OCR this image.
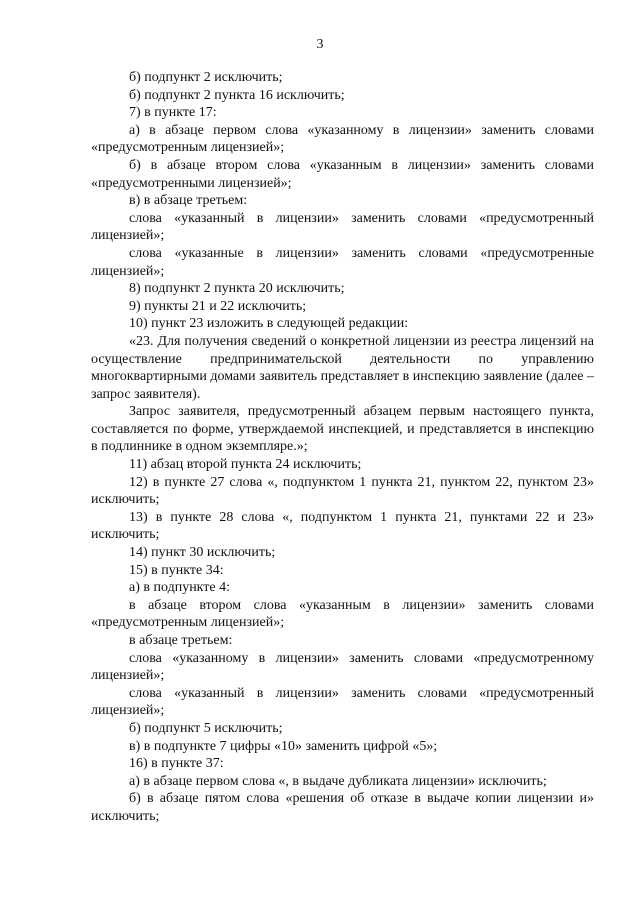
3

б) подпункт 2 исключить;

б) подпункт 2 пункта 16 исключить;

7) в пункте 17:

а) в абзаце первом слова «указанному в лицензии» заменить словами «предусмотренным лицензией»;

б) в абзаце втором слова «указанным в лицензии» заменить словами «предусмотренными лицензией»;

в) в абзаце третьем:

слова «указанный в лицензии» заменить словами «предусмотренный лицензией»;

слова «указанные в лицензии» заменить словами «предусмотренные лицензией»;

8) подпункт 2 пункта 20 исключить;

9) пункты 21 и 22 исключить;

10) пункт 23 изложить в следующей редакции:

«23. Для получения сведений о конкретной лицензии из реестра лицензий на осуществление предпринимательской деятельности по управлению многоквартирными домами заявитель представляет в инспекцию заявление (далее – запрос заявителя).

Запрос заявителя, предусмотренный абзацем первым настоящего пункта, составляется по форме, утверждаемой инспекцией, и представляется в инспекцию в подлиннике в одном экземпляре.»;

11) абзац второй пункта 24 исключить;

12) в пункте 27 слова «, подпунктом 1 пункта 21, пунктом 22, пунктом 23» исключить;

13) в пункте 28 слова «, подпунктом 1 пункта 21, пунктами 22 и 23» исключить;

14) пункт 30 исключить;

15) в пункте 34:

а) в подпункте 4:

в абзаце втором слова «указанным в лицензии» заменить словами «предусмотренным лицензией»;

в абзаце третьем:

слова «указанному в лицензии» заменить словами «предусмотренному лицензией»;

слова «указанный в лицензии» заменить словами «предусмотренный лицензией»;

б) подпункт 5 исключить;

в) в подпункте 7 цифры «10» заменить цифрой «5»;

16) в пункте 37:

а) в абзаце первом слова «, в выдаче дубликата лицензии» исключить;

б) в абзаце пятом слова «решения об отказе в выдаче копии лицензии и» исключить;
